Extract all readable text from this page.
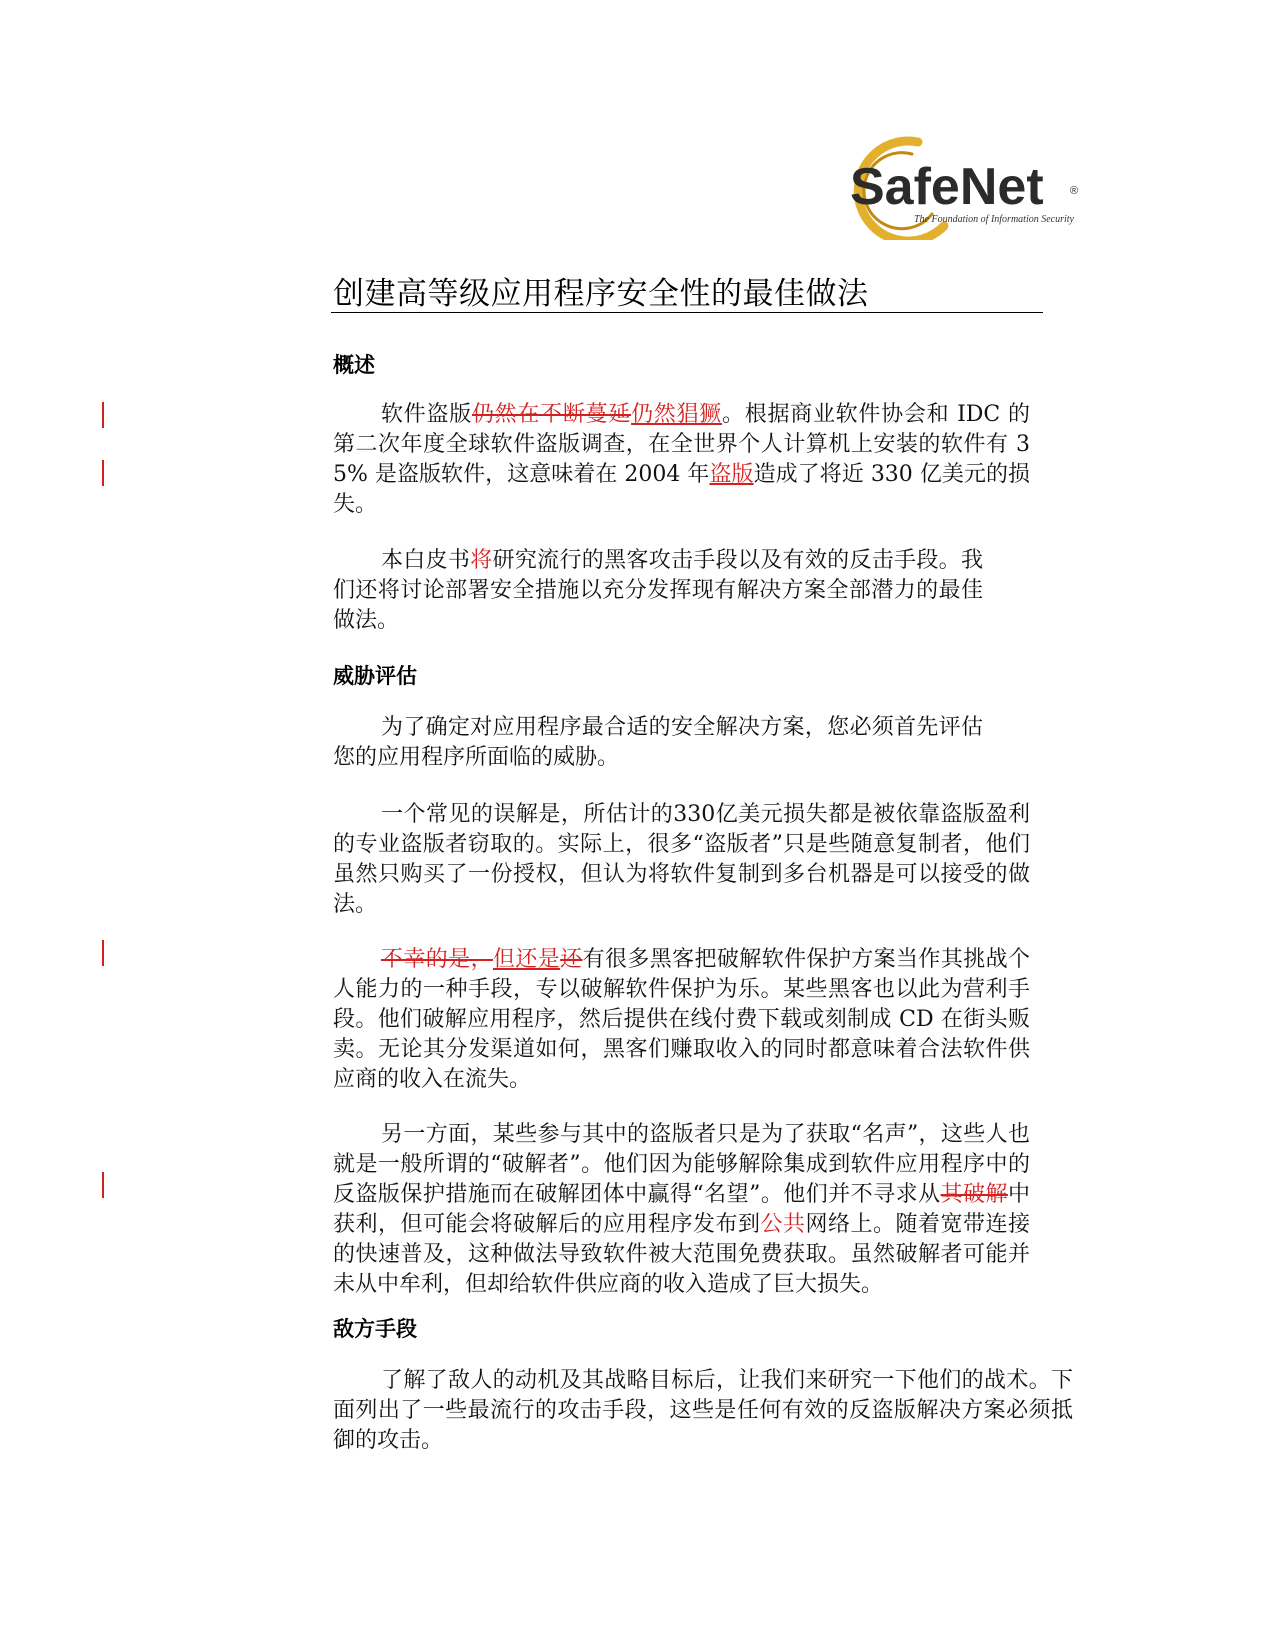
SafeNet ®
The Foundation of Information Security
创建高等级应用程序安全性的最佳做法
概述

软件盗版仍然在不断蔓延仍然猖獗。根据商业软件协会和 IDC 的第二次年度全球软件盗版调查，在全世界个人计算机上安装的软件有 35% 是盗版软件，这意味着在 2004 年盗版造成了将近 330 亿美元的损失。

本白皮书将研究流行的黑客攻击手段以及有效的反击手段。我们还将讨论部署安全措施以充分发挥现有解决方案全部潜力的最佳做法。

威胁评估

为了确定对应用程序最合适的安全解决方案，您必须首先评估您的应用程序所面临的威胁。

一个常见的误解是，所估计的330亿美元损失都是被依靠盗版盈利的专业盗版者窃取的。实际上，很多“盗版者”只是些随意复制者，他们虽然只购买了一份授权，但认为将软件复制到多台机器是可以接受的做法。

不幸的是，但还是还有很多黑客把破解软件保护方案当作其挑战个人能力的一种手段，专以破解软件保护为乐。某些黑客也以此为营利手段。他们破解应用程序，然后提供在线付费下载或刻制成 CD 在街头贩卖。无论其分发渠道如何，黑客们赚取收入的同时都意味着合法软件供应商的收入在流失。

另一方面，某些参与其中的盗版者只是为了获取“名声”，这些人也就是一般所谓的“破解者”。他们因为能够解除集成到软件应用程序中的反盗版保护措施而在破解团体中赢得“名望”。他们并不寻求从其破解中获利，但可能会将破解后的应用程序发布到公共网络上。随着宽带连接的快速普及，这种做法导致软件被大范围免费获取。虽然破解者可能并未从中牟利，但却给软件供应商的收入造成了巨大损失。

敌方手段

了解了敌人的动机及其战略目标后，让我们来研究一下他们的战术。下面列出了一些最流行的攻击手段，这些是任何有效的反盗版解决方案必须抵御的攻击。
